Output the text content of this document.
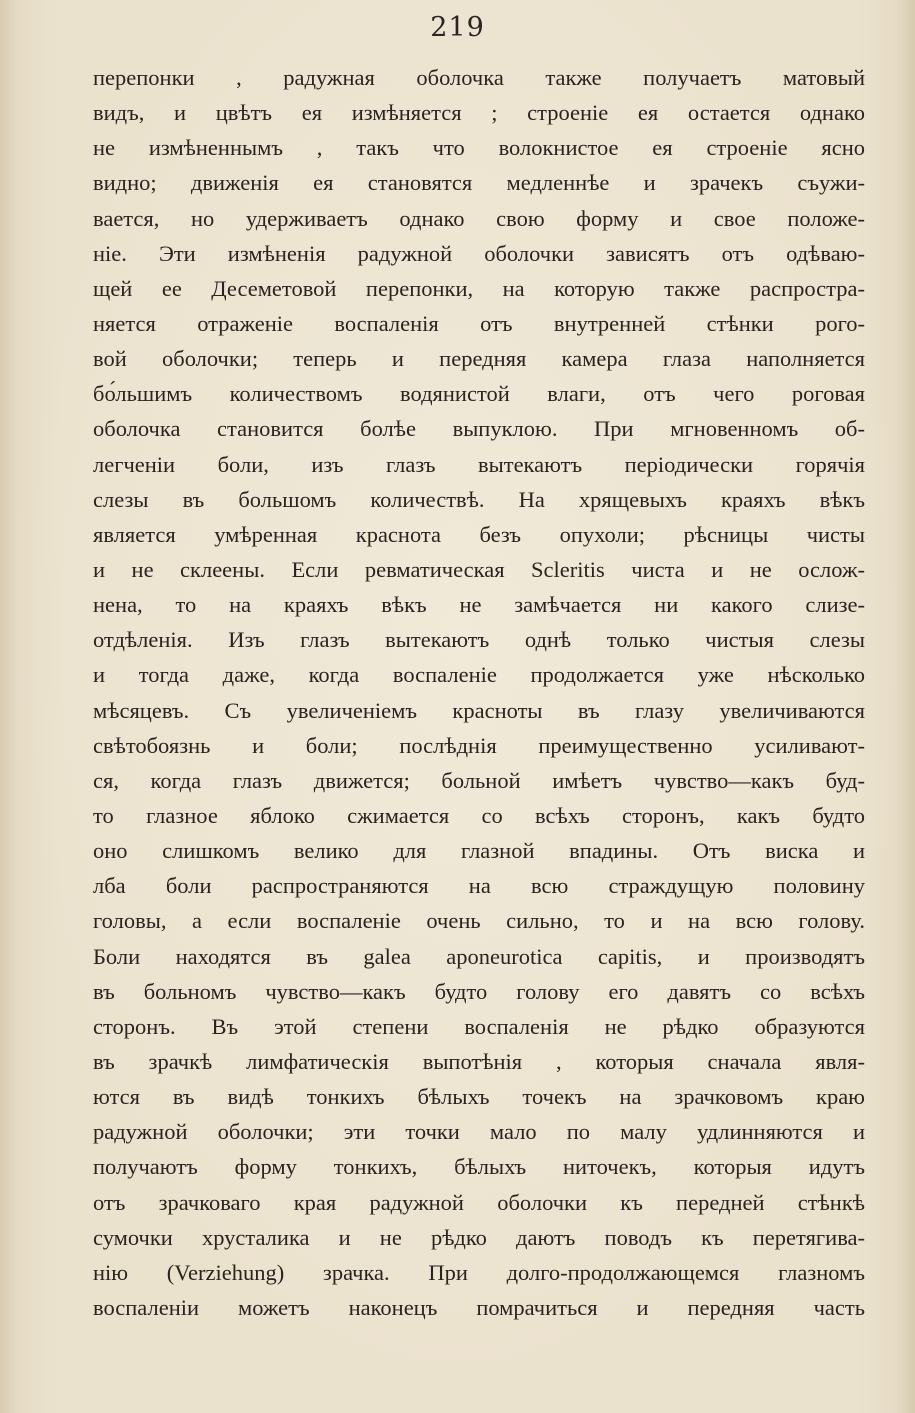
219
перепонки , радужная оболочка также получаетъ матовый
видъ, и цвѣтъ ея измѣняется ; строеніе ея остается однако
не измѣненнымъ , такъ что волокнистое ея строеніе ясно
видно; движенія ея становятся медленнѣе и зрачекъ съужи-
вается, но удерживаетъ однако свою форму и свое положе-
ніе. Эти измѣненія радужной оболочки зависятъ отъ одѣваю-
щей ее Десеметовой перепонки, на которую также распростра-
няется отраженіе воспаленія отъ внутренней стѣнки рого-
вой оболочки; теперь и передняя камера глаза наполняется
бо́льшимъ количествомъ водянистой влаги, отъ чего роговая
оболочка становится болѣе выпуклою. При мгновенномъ об-
легченіи боли, изъ глазъ вытекаютъ періодически горячія
слезы въ большомъ количествѣ. На хрящевыхъ краяхъ вѣкъ
является умѣренная краснота безъ опухоли; рѣсницы чисты
и не склеены. Если ревматическая Scleritis чиста и не ослож-
нена, то на краяхъ вѣкъ не замѣчается ни какого слизе-
отдѣленія. Изъ глазъ вытекаютъ однѣ только чистыя слезы
и тогда даже, когда воспаленіе продолжается уже нѣсколько
мѣсяцевъ. Съ увеличеніемъ красноты въ глазу увеличиваются
свѣтобоязнь и боли; послѣднія преимущественно усиливают-
ся, когда глазъ движется; больной имѣетъ чувство—какъ буд-
то глазное яблоко сжимается со всѣхъ сторонъ, какъ будто
оно слишкомъ велико для глазной впадины. Отъ виска и
лба боли распространяются на всю страждущую половину
головы, а если воспаленіе очень сильно, то и на всю голову.
Боли находятся въ galea aponeurotica capitis, и производятъ
въ больномъ чувство—какъ будто голову его давятъ со всѣхъ
сторонъ. Въ этой степени воспаленія не рѣдко образуются
въ зрачкѣ лимфатическія выпотѣнія , которыя сначала явля-
ются въ видѣ тонкихъ бѣлыхъ точекъ на зрачковомъ краю
радужной оболочки; эти точки мало по малу удлинняются и
получаютъ форму тонкихъ, бѣлыхъ ниточекъ, которыя идутъ
отъ зрачковаго края радужной оболочки къ передней стѣнкѣ
сумочки хрусталика и не рѣдко даютъ поводъ къ перетягива-
нію (Verziehung) зрачка. При долго-продолжающемся глазномъ
воспаленіи можетъ наконецъ помрачиться и передняя часть
